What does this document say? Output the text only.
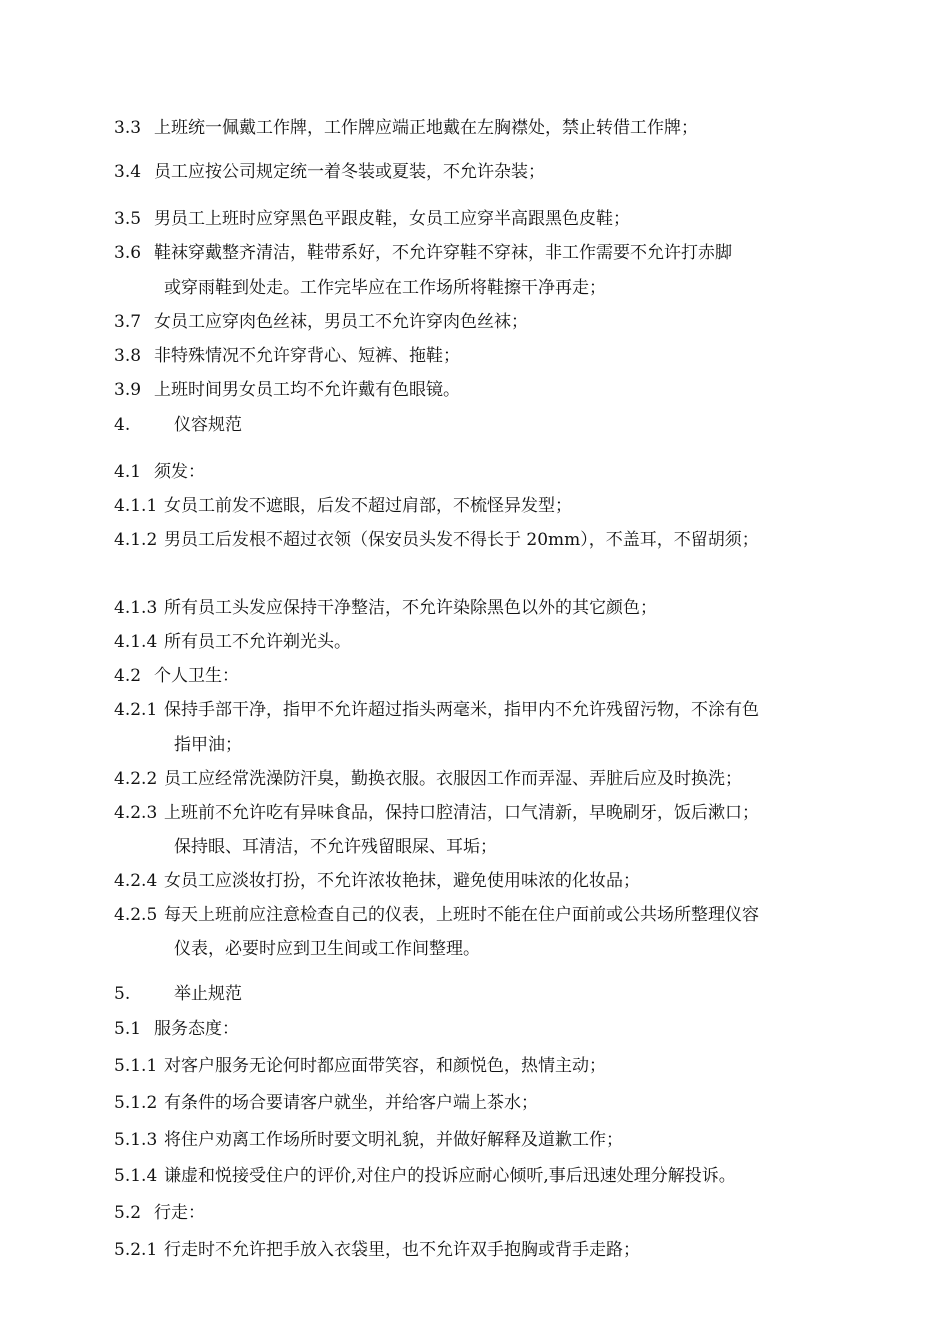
3.3 上班统一佩戴工作牌，工作牌应端正地戴在左胸襟处，禁止转借工作牌；
3.4 员工应按公司规定统一着冬装或夏装，不允许杂装；
3.5 男员工上班时应穿黑色平跟皮鞋，女员工应穿半高跟黑色皮鞋；
3.6 鞋袜穿戴整齐清洁，鞋带系好，不允许穿鞋不穿袜，非工作需要不允许打赤脚
或穿雨鞋到处走。工作完毕应在工作场所将鞋擦干净再走；
3.7 女员工应穿肉色丝袜，男员工不允许穿肉色丝袜；
3.8 非特殊情况不允许穿背心、短裤、拖鞋；
3.9 上班时间男女员工均不允许戴有色眼镜。
4.	仪容规范
4.1 须发：
4.1.1 女员工前发不遮眼，后发不超过肩部，不梳怪异发型；
4.1.2 男员工后发根不超过衣领（保安员头发不得长于 20mm），不盖耳，不留胡须；
4.1.3 所有员工头发应保持干净整洁，不允许染除黑色以外的其它颜色；
4.1.4 所有员工不允许剃光头。
4.2 个人卫生：
4.2.1 保持手部干净，指甲不允许超过指头两毫米，指甲内不允许残留污物，不涂有色
指甲油；
4.2.2 员工应经常洗澡防汗臭，勤换衣服。衣服因工作而弄湿、弄脏后应及时换洗；
4.2.3 上班前不允许吃有异味食品，保持口腔清洁，口气清新，早晚刷牙，饭后漱口；
保持眼、耳清洁，不允许残留眼屎、耳垢；
4.2.4 女员工应淡妆打扮，不允许浓妆艳抹，避免使用味浓的化妆品；
4.2.5 每天上班前应注意检查自己的仪表，上班时不能在住户面前或公共场所整理仪容
仪表，必要时应到卫生间或工作间整理。
5.	举止规范
5.1 服务态度：
5.1.1 对客户服务无论何时都应面带笑容，和颜悦色，热情主动；
5.1.2 有条件的场合要请客户就坐，并给客户端上茶水；
5.1.3 将住户劝离工作场所时要文明礼貌，并做好解释及道歉工作；
5.1.4 谦虚和悦接受住户的评价,对住户的投诉应耐心倾听,事后迅速处理分解投诉。
5.2 行走：
5.2.1 行走时不允许把手放入衣袋里，也不允许双手抱胸或背手走路；
